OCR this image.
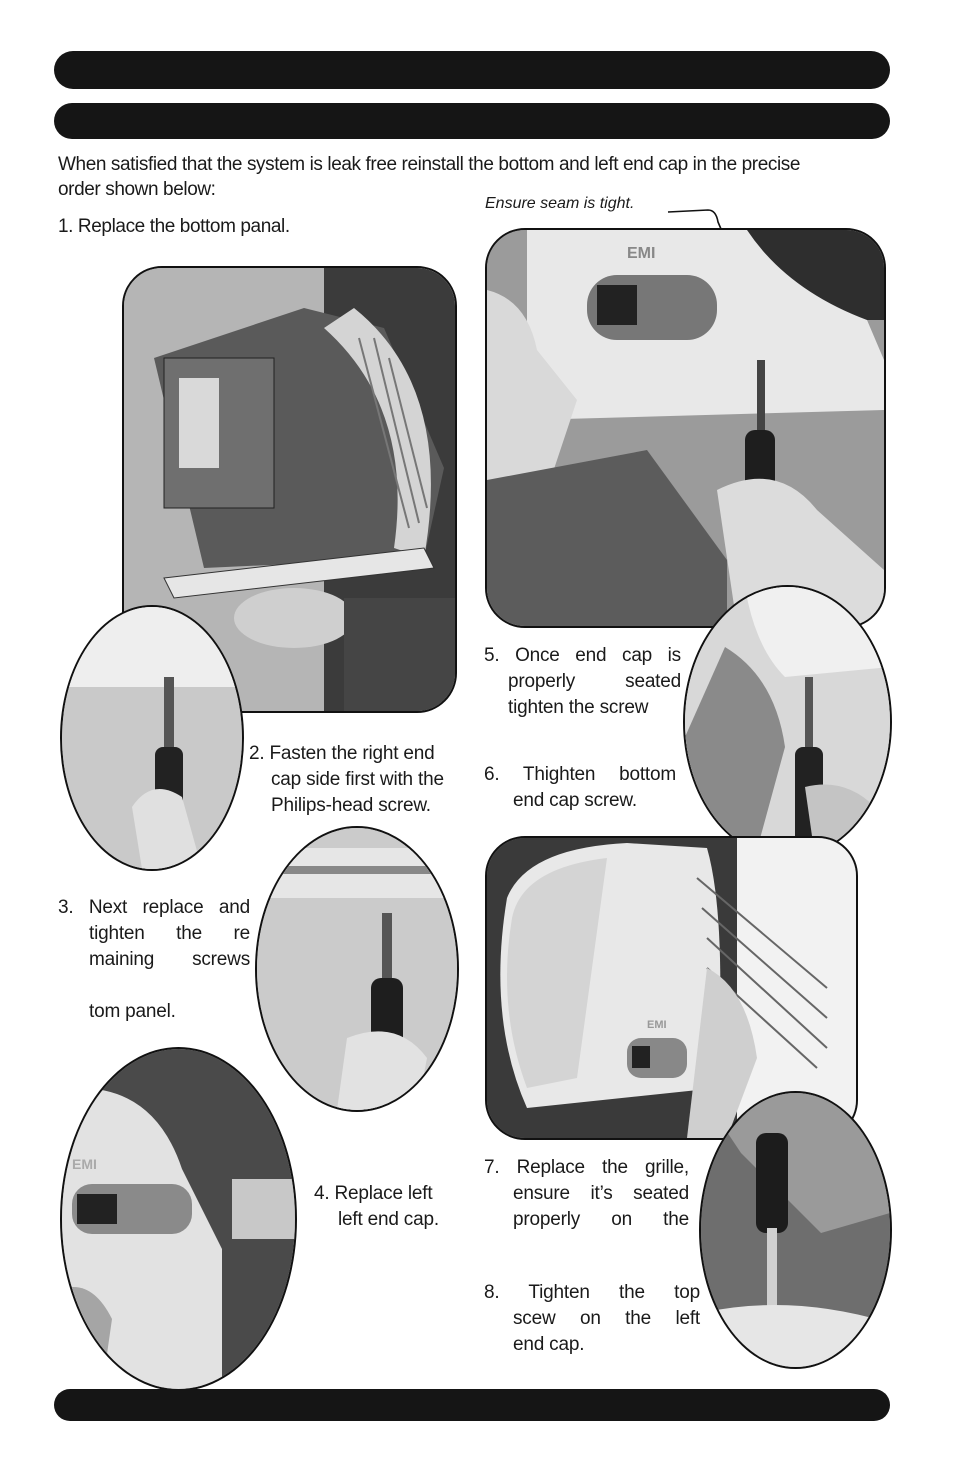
When satisfied that the system is leak free reinstall the bottom and left end cap in the precise
order shown below:
Ensure seam is tight.
1. Replace the bottom panal.
2. Fasten the right end
cap side first with the
Philips-head screw.
EMI
5. Once end cap is
properly seated
tighten the screw
6. Thighten bottom
end cap screw.
3. Next replace and
tighten the re
maining screws
tom panel.
EMI
EMI
4. Replace left
left end cap.
7. Replace the grille,
ensure it’s seated
properly on the
8. Tighten the top
scew on the left
end cap.
